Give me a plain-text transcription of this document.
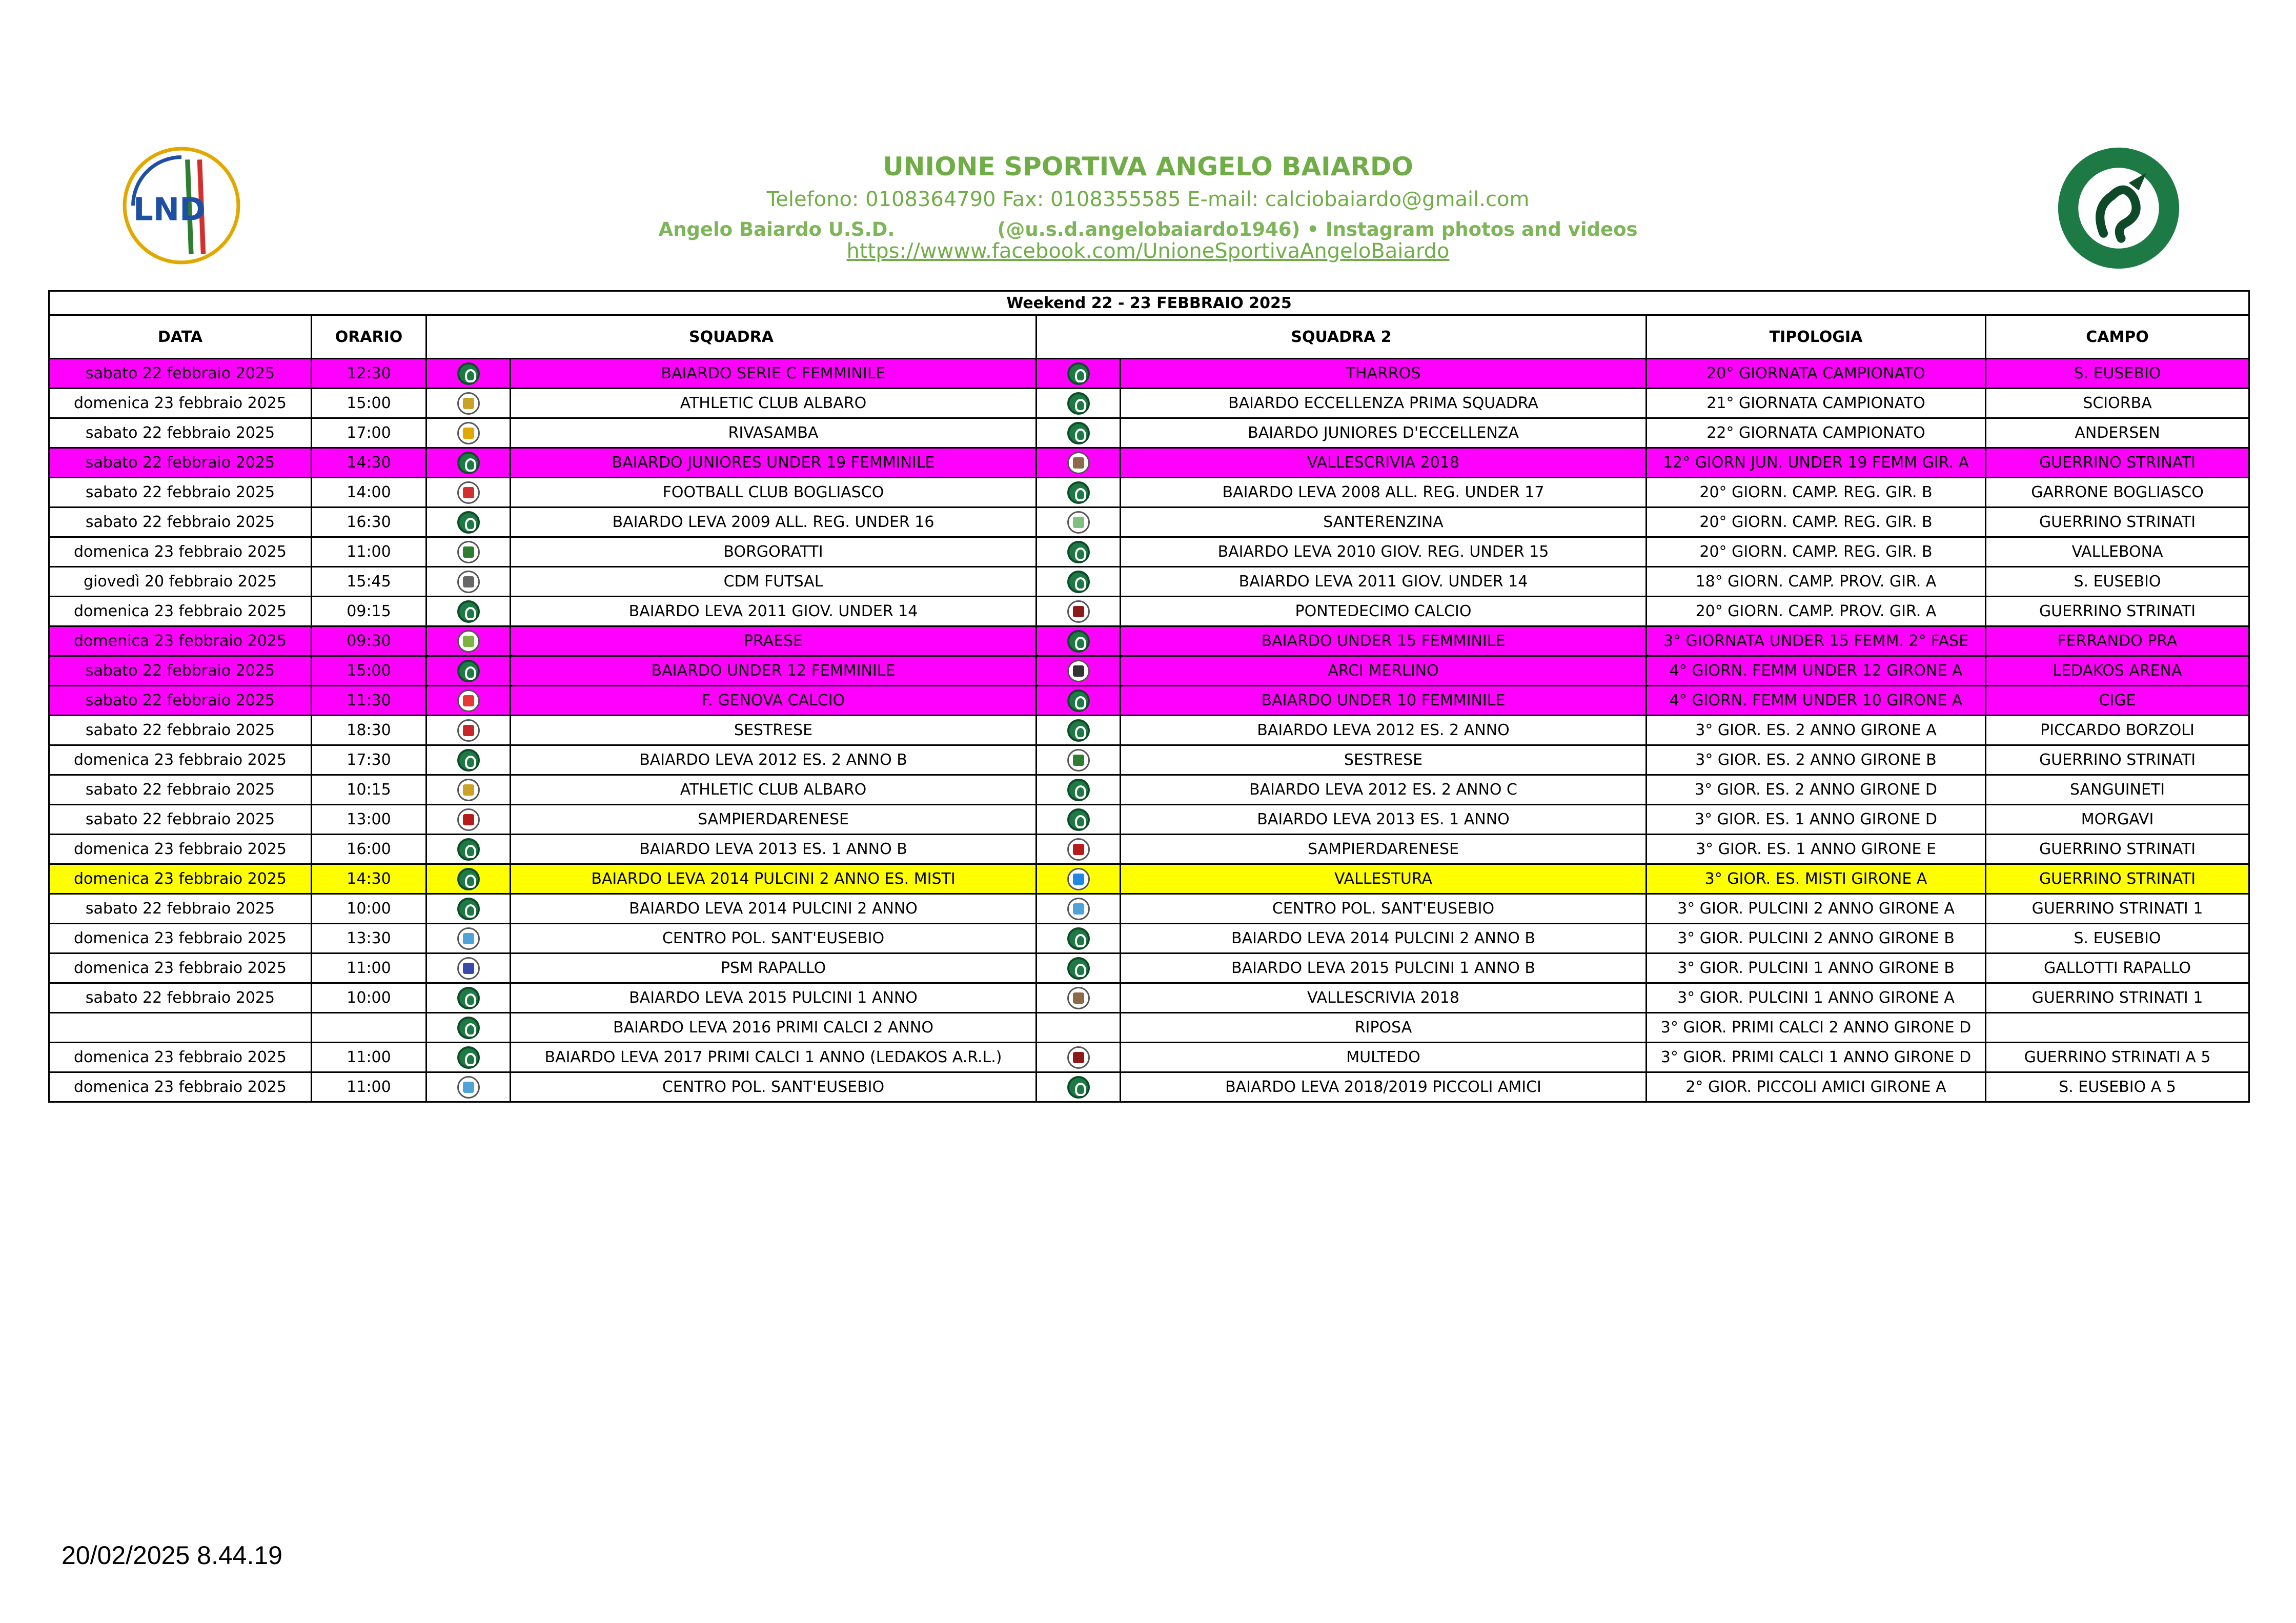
LND
UNIONE SPORTIVA ANGELO BAIARDO
Telefono: 0108364790 Fax: 0108355585 E-mail: calciobaiardo@gmail.com
Angelo Baiardo U.S.D.	(@u.s.d.angelobaiardo1946) • Instagram photos and videos
https://wwww.facebook.com/UnioneSportivaAngeloBaiardo
Weekend 22 - 23 FEBBRAIO 2025							
DATA	ORARIO	SQUADRA		SQUADRA 2		TIPOLOGIA	CAMPO
sabato 22 febbraio 2025	12:30		BAIARDO SERIE C FEMMINILE		THARROS	20° GIORNATA CAMPIONATO	S. EUSEBIO
domenica 23 febbraio 2025	15:00		ATHLETIC CLUB ALBARO		BAIARDO ECCELLENZA PRIMA SQUADRA	21° GIORNATA CAMPIONATO	SCIORBA
sabato 22 febbraio 2025	17:00		RIVASAMBA		BAIARDO JUNIORES D'ECCELLENZA	22° GIORNATA CAMPIONATO	ANDERSEN
sabato 22 febbraio 2025	14:30		BAIARDO JUNIORES UNDER 19 FEMMINILE		VALLESCRIVIA 2018	12° GIORN JUN. UNDER 19 FEMM GIR. A	GUERRINO STRINATI
sabato 22 febbraio 2025	14:00		FOOTBALL CLUB BOGLIASCO		BAIARDO LEVA 2008 ALL. REG. UNDER 17	20° GIORN. CAMP. REG. GIR. B	GARRONE BOGLIASCO
sabato 22 febbraio 2025	16:30		BAIARDO LEVA 2009 ALL. REG. UNDER 16		SANTERENZINA	20° GIORN. CAMP. REG. GIR. B	GUERRINO STRINATI
domenica 23 febbraio 2025	11:00		BORGORATTI		BAIARDO LEVA 2010 GIOV. REG. UNDER 15	20° GIORN. CAMP. REG. GIR. B	VALLEBONA
giovedì 20 febbraio 2025	15:45		CDM FUTSAL		BAIARDO LEVA 2011 GIOV. UNDER 14	18° GIORN. CAMP. PROV. GIR. A	S. EUSEBIO
domenica 23 febbraio 2025	09:15		BAIARDO LEVA 2011 GIOV. UNDER 14		PONTEDECIMO CALCIO	20° GIORN. CAMP. PROV. GIR. A	GUERRINO STRINATI
domenica 23 febbraio 2025	09:30		PRAESE		BAIARDO UNDER 15 FEMMINILE	3° GIORNATA UNDER 15 FEMM. 2° FASE	FERRANDO PRA
sabato 22 febbraio 2025	15:00		BAIARDO UNDER 12 FEMMINILE		ARCI MERLINO	4° GIORN. FEMM UNDER 12 GIRONE A	LEDAKOS ARENA
sabato 22 febbraio 2025	11:30		F. GENOVA CALCIO		BAIARDO UNDER 10 FEMMINILE	4° GIORN. FEMM UNDER 10 GIRONE A	CIGE
sabato 22 febbraio 2025	18:30		SESTRESE		BAIARDO LEVA 2012 ES. 2 ANNO	3° GIOR. ES. 2 ANNO GIRONE A	PICCARDO BORZOLI
domenica 23 febbraio 2025	17:30		BAIARDO LEVA 2012 ES. 2 ANNO B		SESTRESE	3° GIOR. ES. 2 ANNO GIRONE B	GUERRINO STRINATI
sabato 22 febbraio 2025	10:15		ATHLETIC CLUB ALBARO		BAIARDO LEVA 2012 ES. 2 ANNO C	3° GIOR. ES. 2 ANNO GIRONE D	SANGUINETI
sabato 22 febbraio 2025	13:00		SAMPIERDARENESE		BAIARDO LEVA 2013 ES. 1 ANNO	3° GIOR. ES. 1 ANNO GIRONE D	MORGAVI
domenica 23 febbraio 2025	16:00		BAIARDO LEVA 2013 ES. 1 ANNO B		SAMPIERDARENESE	3° GIOR. ES. 1 ANNO GIRONE E	GUERRINO STRINATI
domenica 23 febbraio 2025	14:30		BAIARDO LEVA 2014 PULCINI 2 ANNO ES. MISTI		VALLESTURA	3° GIOR. ES. MISTI GIRONE A	GUERRINO STRINATI
sabato 22 febbraio 2025	10:00		BAIARDO LEVA 2014 PULCINI 2 ANNO		CENTRO POL. SANT'EUSEBIO	3° GIOR. PULCINI 2 ANNO GIRONE A	GUERRINO STRINATI 1
domenica 23 febbraio 2025	13:30		CENTRO POL. SANT'EUSEBIO		BAIARDO LEVA 2014 PULCINI 2 ANNO B	3° GIOR. PULCINI 2 ANNO GIRONE B	S. EUSEBIO
domenica 23 febbraio 2025	11:00		PSM RAPALLO		BAIARDO LEVA 2015 PULCINI 1 ANNO B	3° GIOR. PULCINI 1 ANNO GIRONE B	GALLOTTI RAPALLO
sabato 22 febbraio 2025	10:00		BAIARDO LEVA 2015 PULCINI 1 ANNO		VALLESCRIVIA 2018	3° GIOR. PULCINI 1 ANNO GIRONE A	GUERRINO STRINATI 1
			BAIARDO LEVA 2016 PRIMI CALCI 2 ANNO		RIPOSA	3° GIOR. PRIMI CALCI 2 ANNO GIRONE D	
domenica 23 febbraio 2025	11:00		BAIARDO LEVA 2017 PRIMI CALCI 1 ANNO (LEDAKOS A.R.L.)		MULTEDO	3° GIOR. PRIMI CALCI 1 ANNO GIRONE D	GUERRINO STRINATI A 5
domenica 23 febbraio 2025	11:00		CENTRO POL. SANT'EUSEBIO		BAIARDO LEVA 2018/2019 PICCOLI AMICI	2° GIOR. PICCOLI AMICI GIRONE A	S. EUSEBIO A 5
20/02/2025 8.44.19
